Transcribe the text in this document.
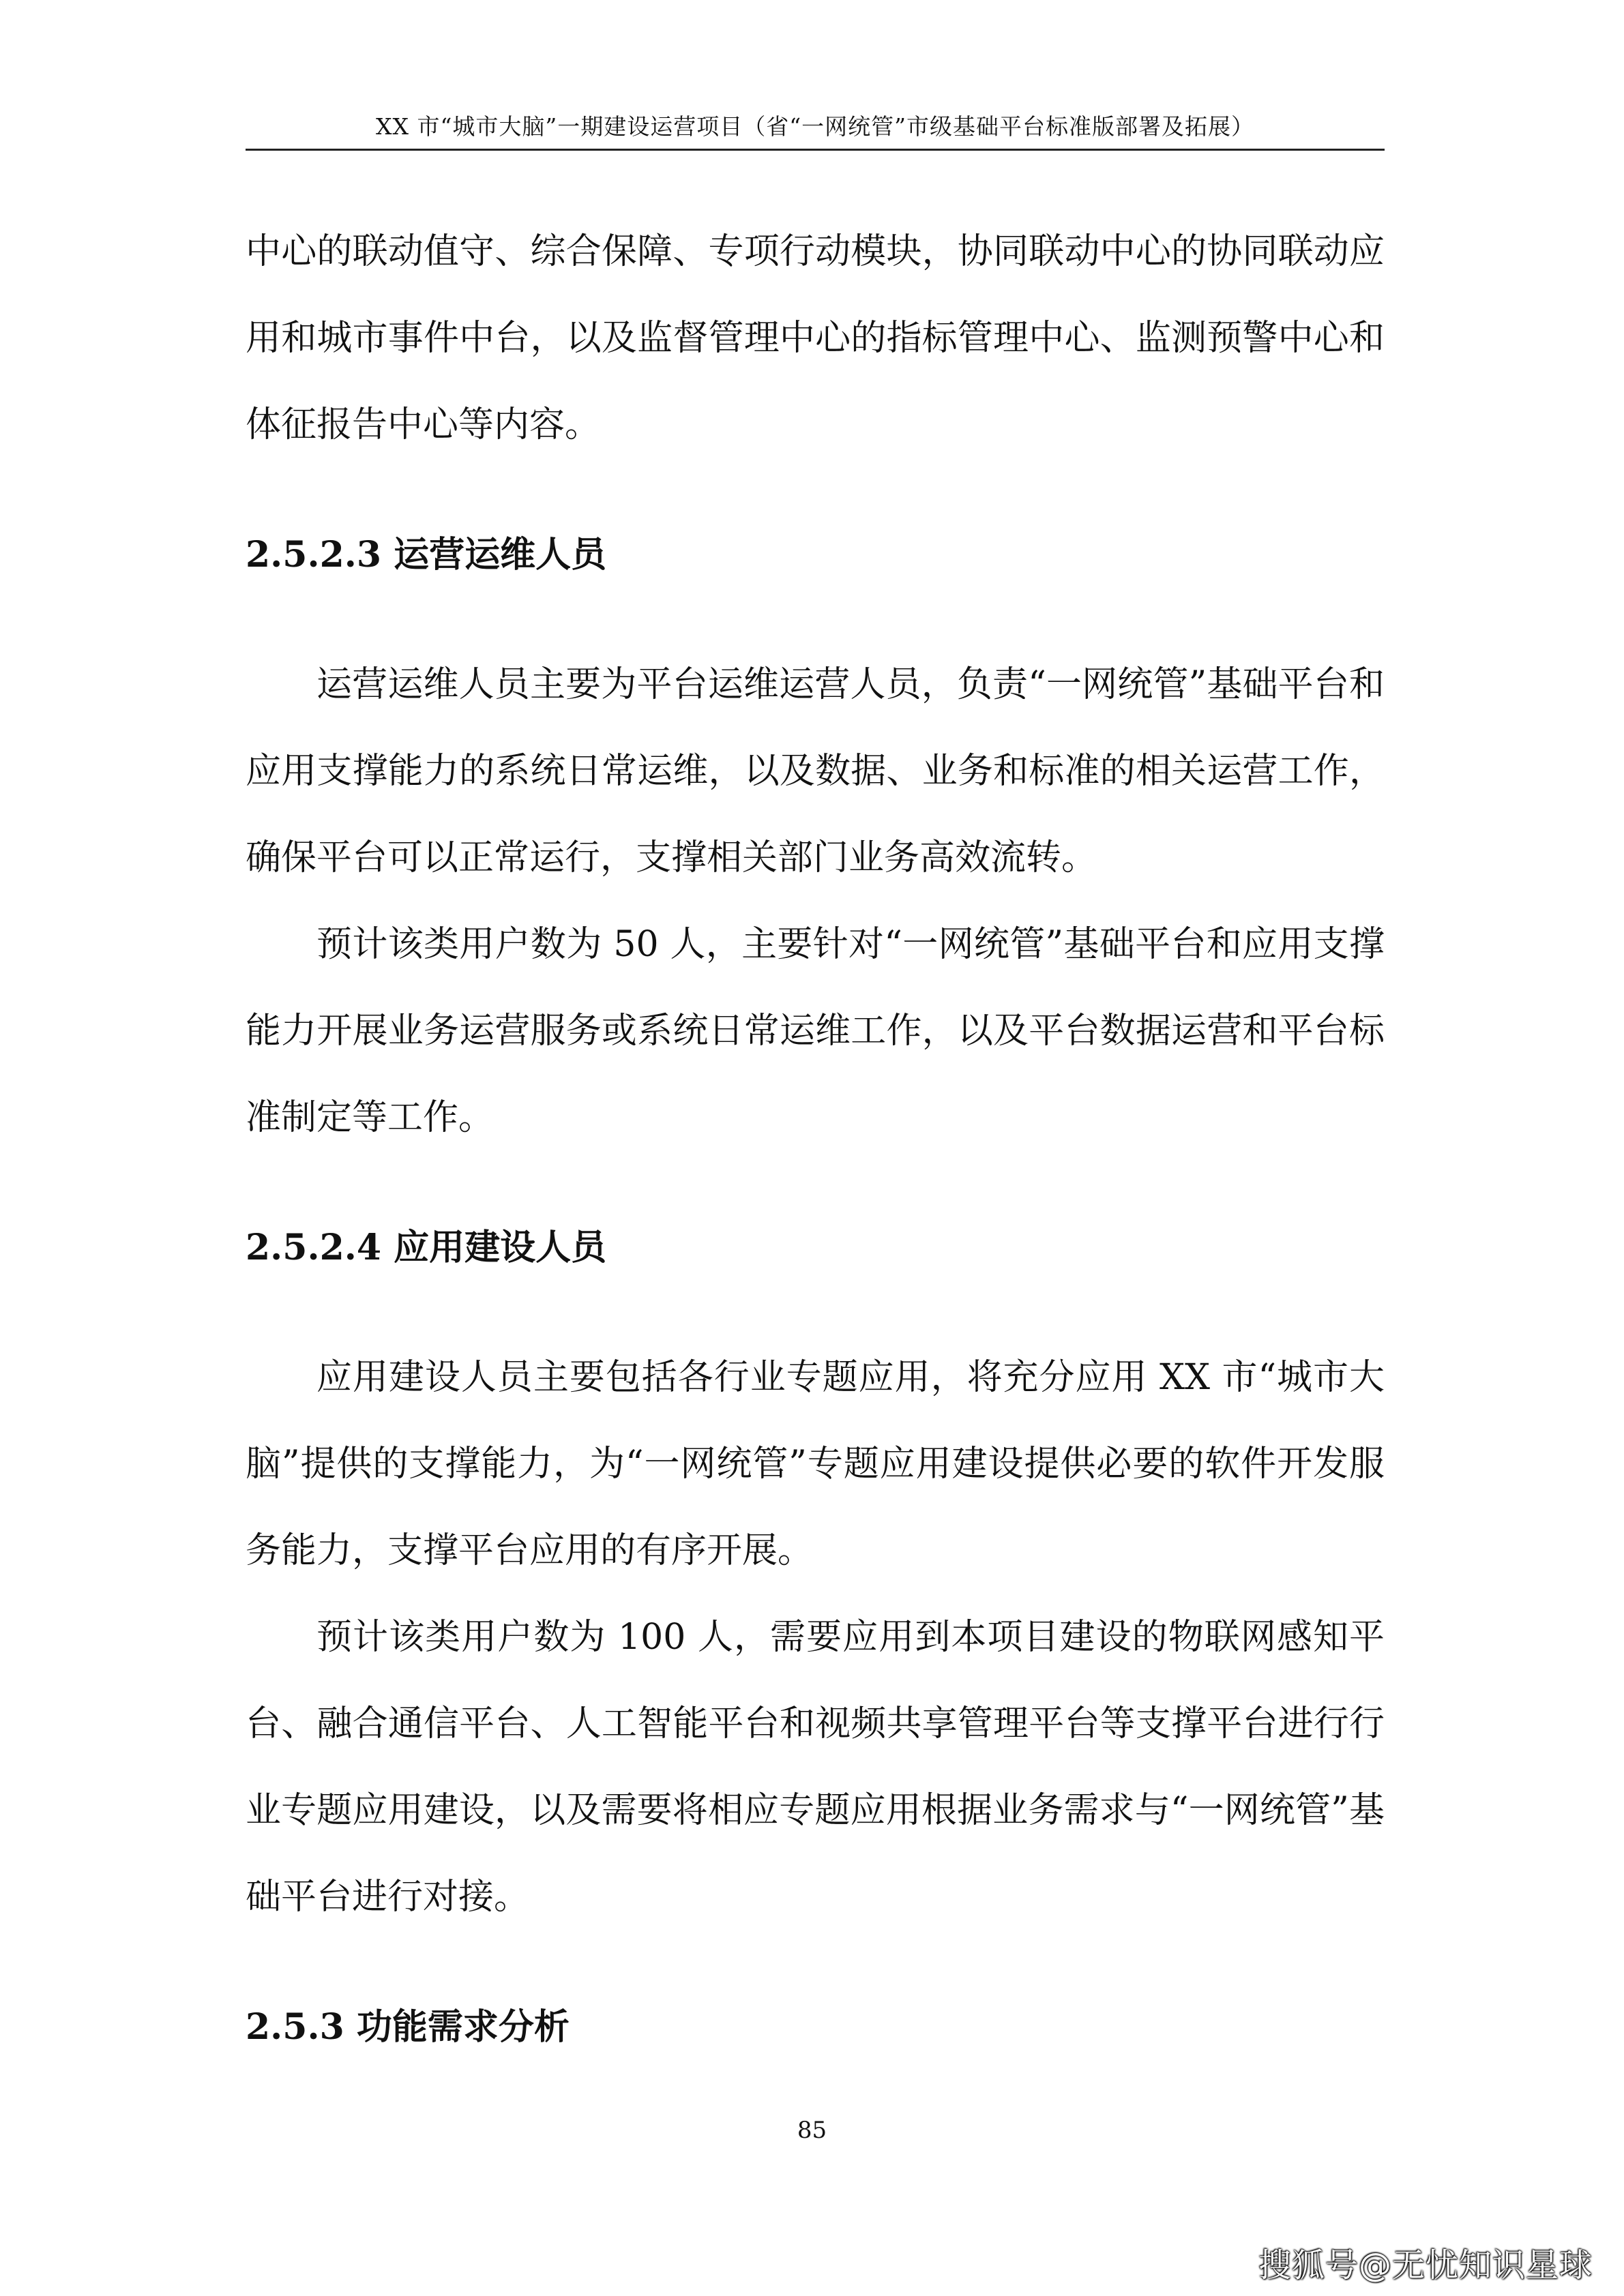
XX 市“城市大脑”一期建设运营项目（省“一网统管”市级基础平台标准版部署及拓展）

中心的联动值守、综合保障、专项行动模块，协同联动中心的协同联动应用和城市事件中台，以及监督管理中心的指标管理中心、监测预警中心和体征报告中心等内容。

2.5.2.3 运营运维人员

运营运维人员主要为平台运维运营人员，负责“一网统管”基础平台和应用支撑能力的系统日常运维，以及数据、业务和标准的相关运营工作，确保平台可以正常运行，支撑相关部门业务高效流转。

预计该类用户数为 50 人，主要针对“一网统管”基础平台和应用支撑能力开展业务运营服务或系统日常运维工作，以及平台数据运营和平台标准制定等工作。

2.5.2.4 应用建设人员

应用建设人员主要包括各行业专题应用，将充分应用 XX 市“城市大脑”提供的支撑能力，为“一网统管”专题应用建设提供必要的软件开发服务能力，支撑平台应用的有序开展。

预计该类用户数为 100 人，需要应用到本项目建设的物联网感知平台、融合通信平台、人工智能平台和视频共享管理平台等支撑平台进行行业专题应用建设，以及需要将相应专题应用根据业务需求与“一网统管”基础平台进行对接。

2.5.3 功能需求分析
85
搜狐号@无忧知识星球
